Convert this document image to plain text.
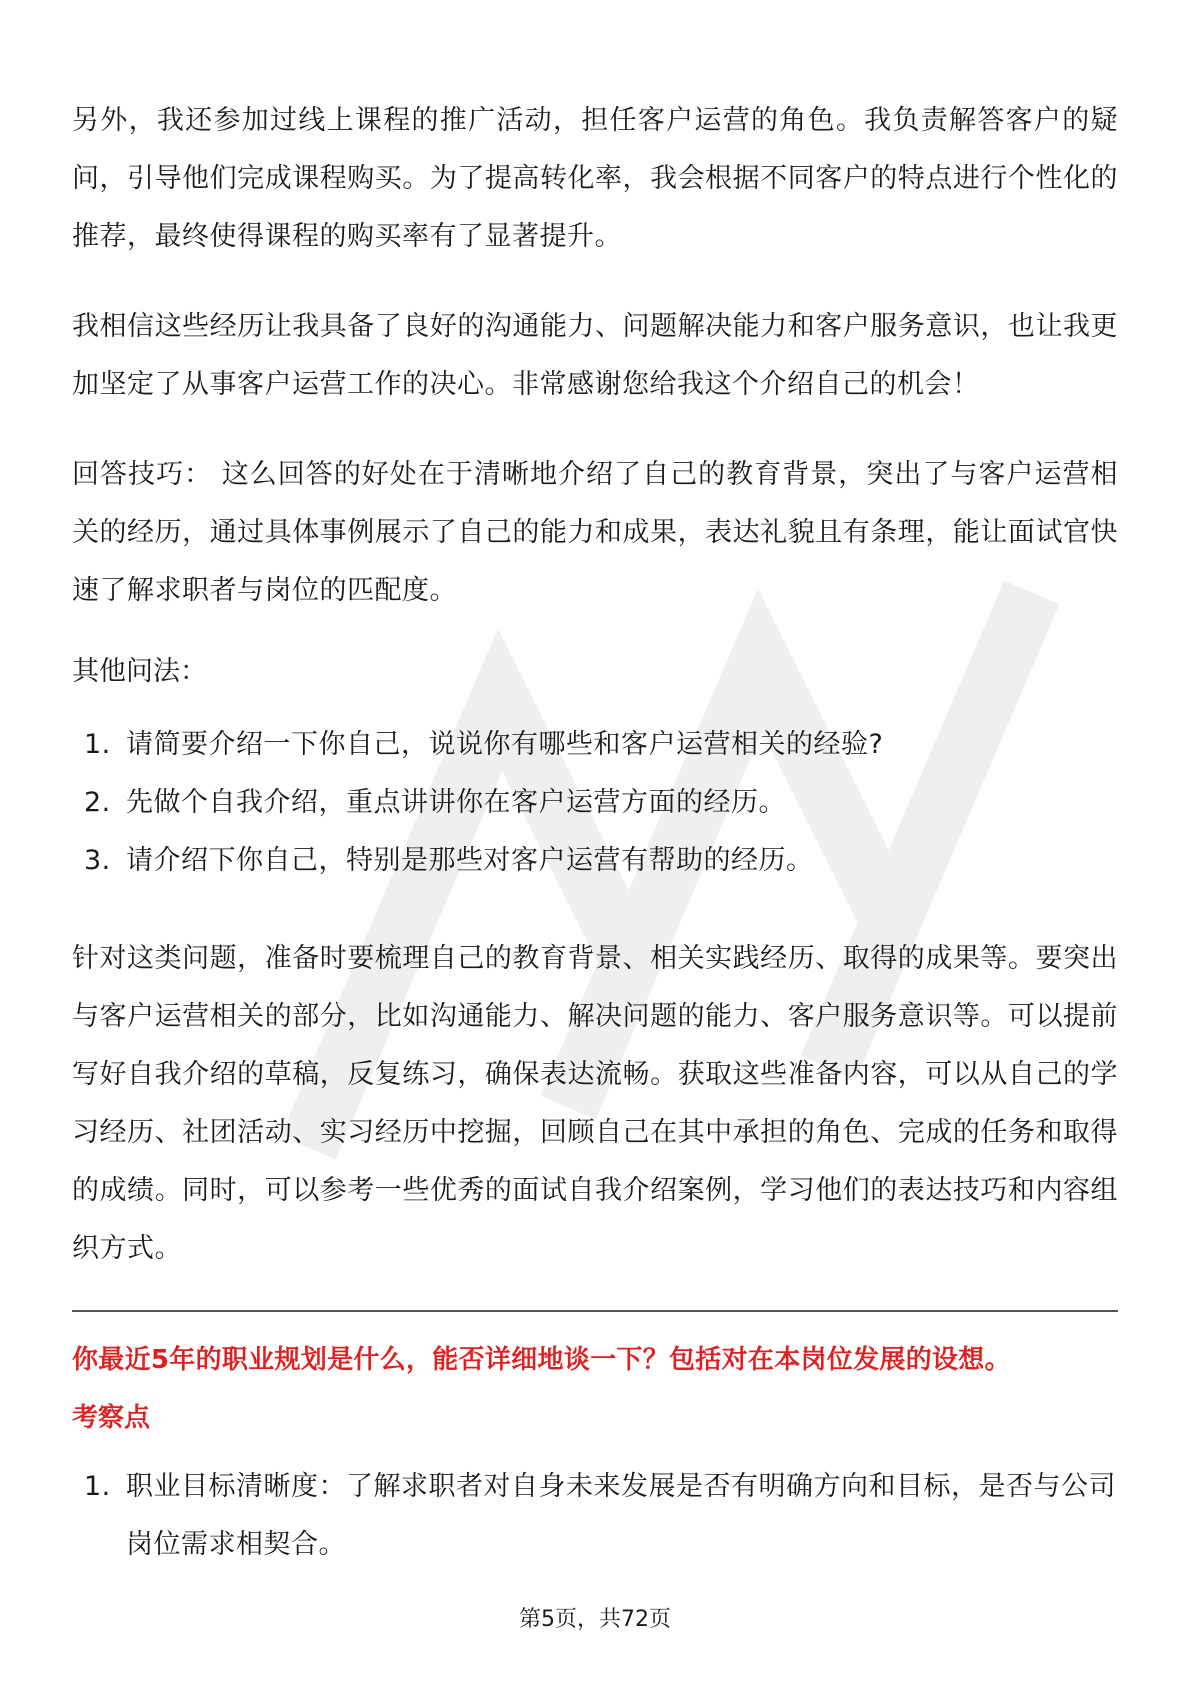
另外，我还参加过线上课程的推广活动，担任客户运营的角色。我负责解答客户的疑问，引导他们完成课程购买。为了提高转化率，我会根据不同客户的特点进行个性化的推荐，最终使得课程的购买率有了显著提升。

我相信这些经历让我具备了良好的沟通能力、问题解决能力和客户服务意识，也让我更加坚定了从事客户运营工作的决心。非常感谢您给我这个介绍自己的机会！

回答技巧： 这么回答的好处在于清晰地介绍了自己的教育背景，突出了与客户运营相关的经历，通过具体事例展示了自己的能力和成果，表达礼貌且有条理，能让面试官快速了解求职者与岗位的匹配度。

其他问法：
1. 请简要介绍一下你自己，说说你有哪些和客户运营相关的经验?
2. 先做个自我介绍，重点讲讲你在客户运营方面的经历。
3. 请介绍下你自己，特别是那些对客户运营有帮助的经历。

针对这类问题，准备时要梳理自己的教育背景、相关实践经历、取得的成果等。要突出与客户运营相关的部分，比如沟通能力、解决问题的能力、客户服务意识等。可以提前写好自我介绍的草稿，反复练习，确保表达流畅。获取这些准备内容，可以从自己的学习经历、社团活动、实习经历中挖掘，回顾自己在其中承担的角色、完成的任务和取得的成绩。同时，可以参考一些优秀的面试自我介绍案例，学习他们的表达技巧和内容组织方式。

你最近5年的职业规划是什么，能否详细地谈一下？包括对在本岗位发展的设想。
考察点
1. 职业目标清晰度：了解求职者对自身未来发展是否有明确方向和目标，是否与公司岗位需求相契合。
第5页，共72页
